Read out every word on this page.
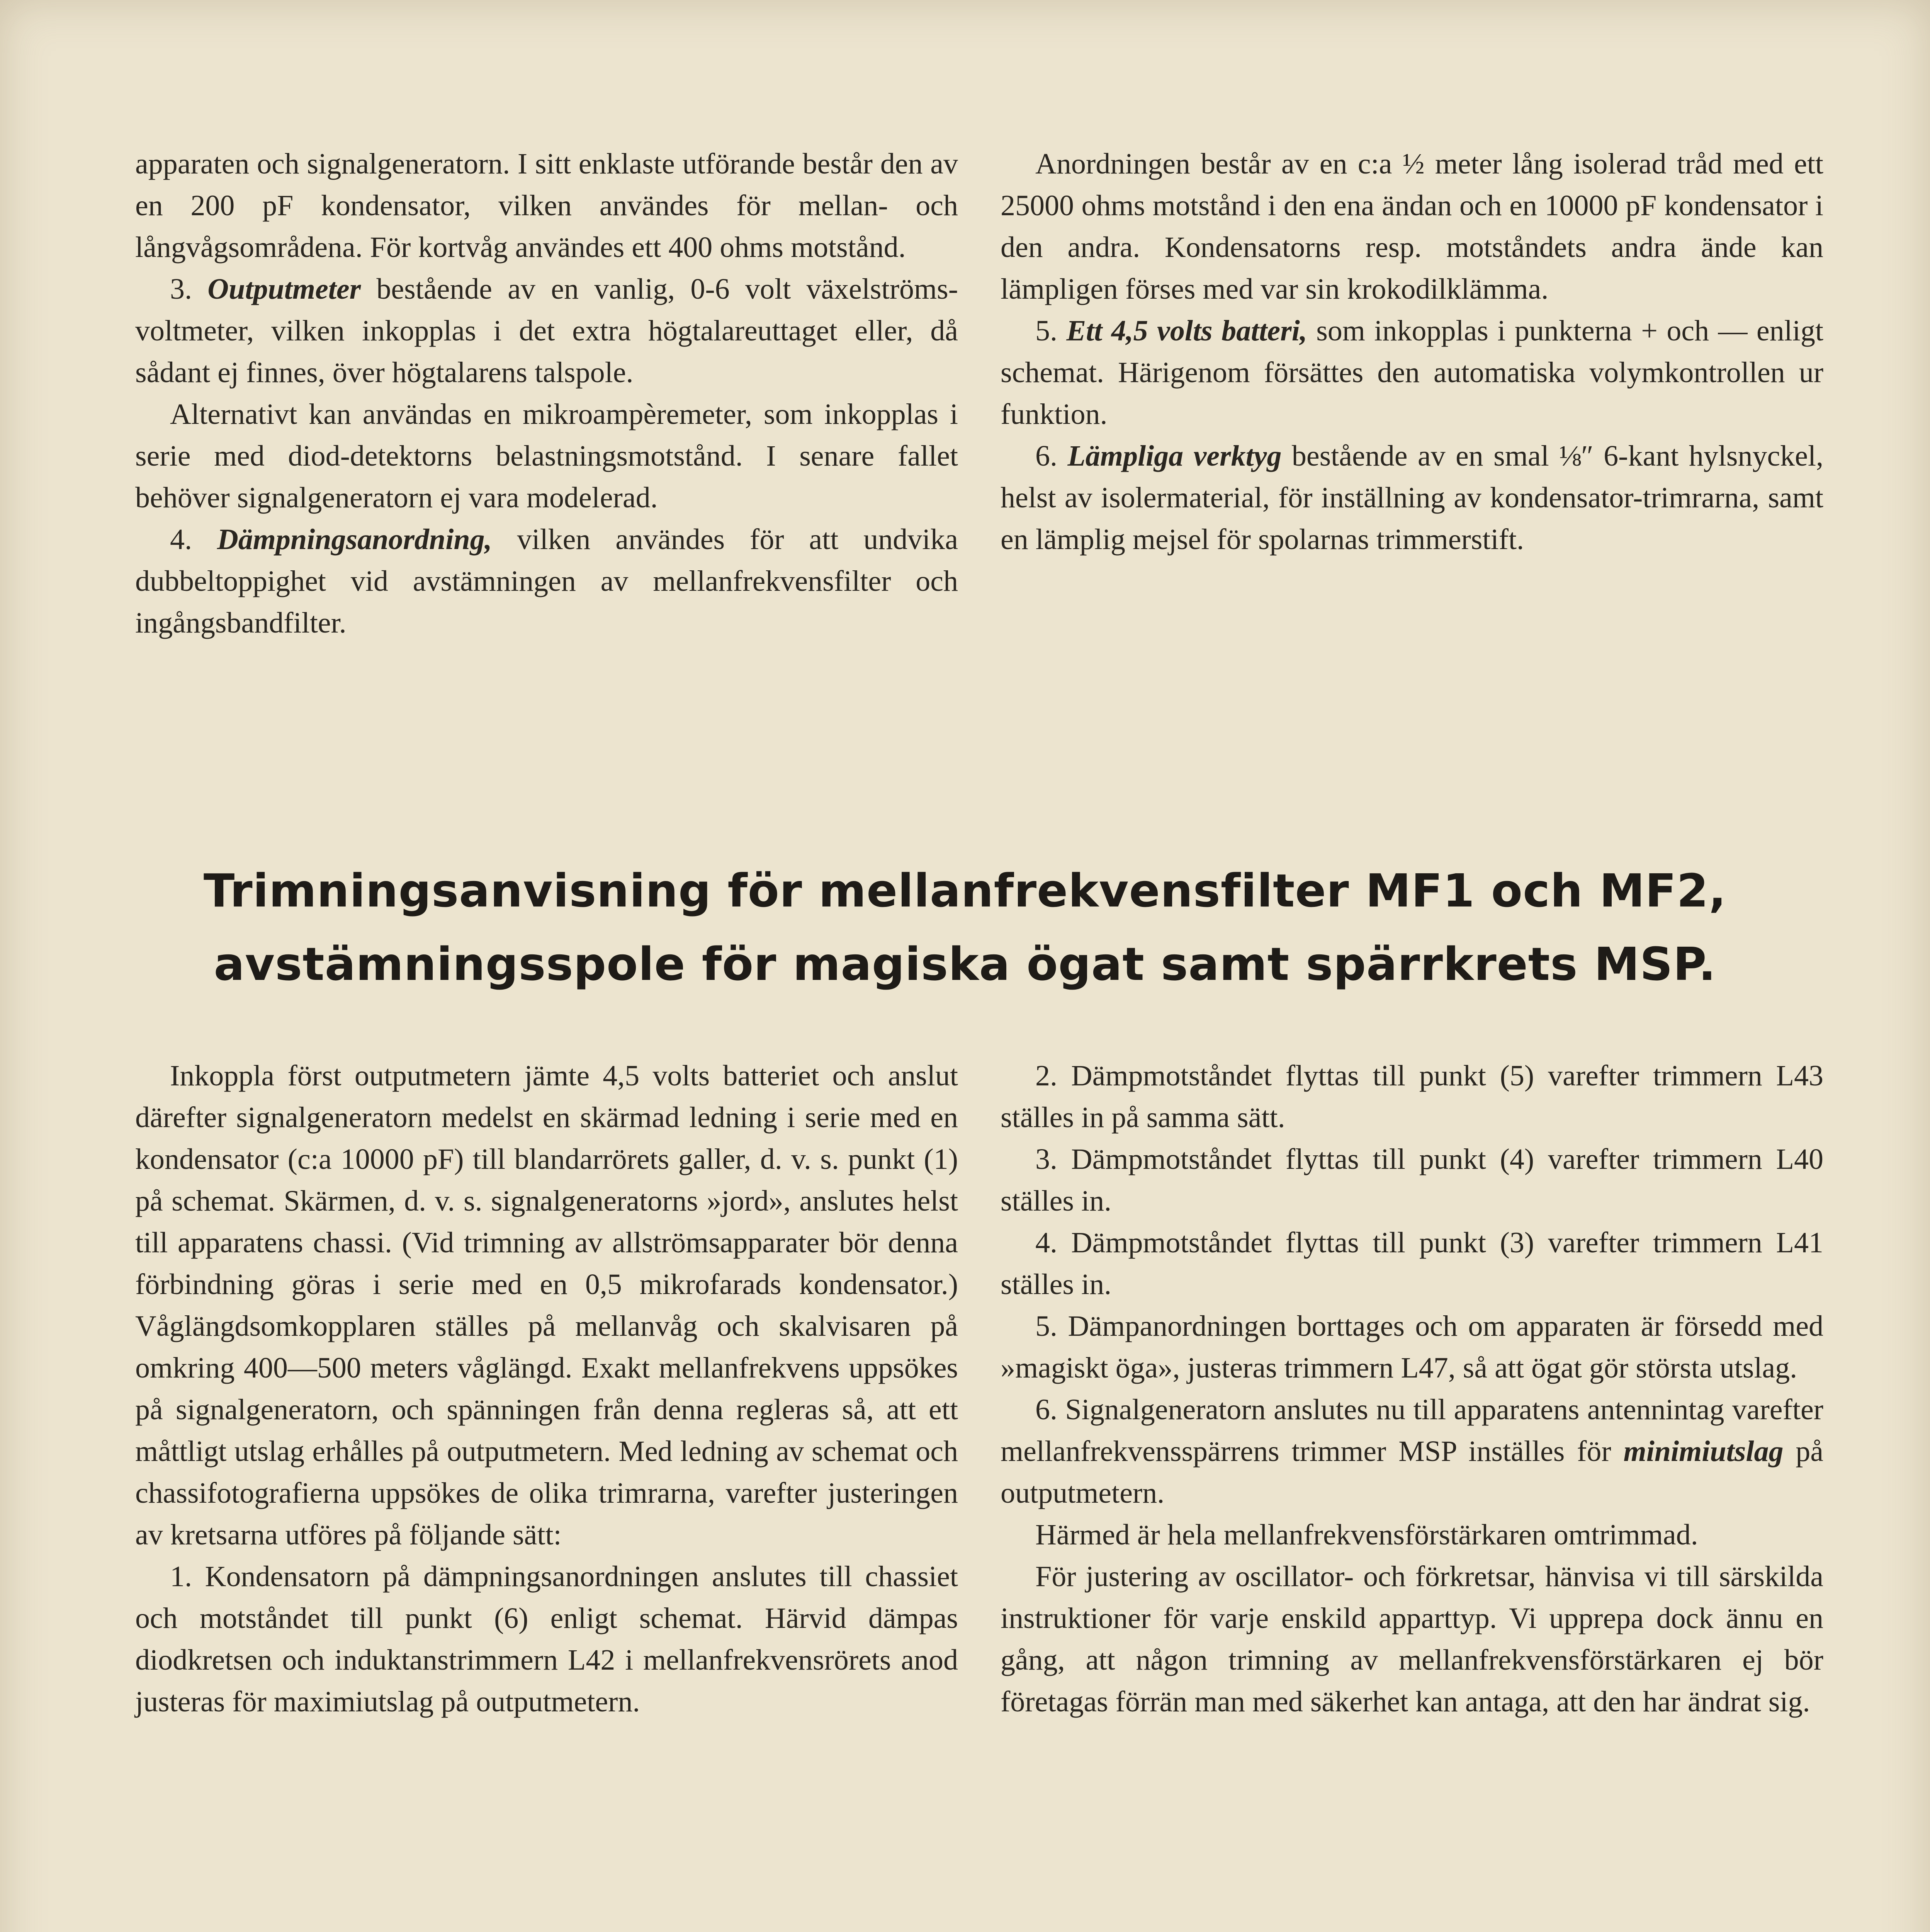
apparaten och signalgeneratorn. I sitt enklaste utförande består den av en 200 pF kondensator, vilken användes för mellan- och långvågsområdena. För kortvåg användes ett 400 ohms motstånd.

3. Outputmeter bestående av en vanlig, 0-6 volt växelströms-voltmeter, vilken inkopplas i det extra högtalareuttaget eller, då sådant ej finnes, över högtalarens talspole.

Alternativt kan användas en mikroampèremeter, som inkopplas i serie med diod-detektorns belastningsmotstånd. I senare fallet behöver signalgeneratorn ej vara modelerad.

4. Dämpningsanordning, vilken användes för att undvika dubbeltoppighet vid avstämningen av mellanfrekvensfilter och ingångsbandfilter.

Anordningen består av en c:a ½ meter lång isolerad tråd med ett 25000 ohms motstånd i den ena ändan och en 10000 pF kondensator i den andra. Kondensatorns resp. motståndets andra ände kan lämpligen förses med var sin krokodilklämma.

5. Ett 4,5 volts batteri, som inkopplas i punkterna + och — enligt schemat. Härigenom försättes den automatiska volymkontrollen ur funktion.

6. Lämpliga verktyg bestående av en smal ⅛″ 6-kant hylsnyckel, helst av isolermaterial, för inställning av kondensator-trimrarna, samt en lämplig mejsel för spolarnas trimmerstift.

Trimningsanvisning för mellanfrekvensfilter MF1 och MF2,
avstämningsspole för magiska ögat samt spärrkrets MSP.

Inkoppla först outputmetern jämte 4,5 volts batteriet och anslut därefter signalgeneratorn medelst en skärmad ledning i serie med en kondensator (c:a 10000 pF) till blandarrörets galler, d. v. s. punkt (1) på schemat. Skärmen, d. v. s. signalgeneratorns »jord», anslutes helst till apparatens chassi. (Vid trimning av allströmsapparater bör denna förbindning göras i serie med en 0,5 mikrofarads kondensator.) Våglängdsomkopplaren ställes på mellanvåg och skalvisaren på omkring 400—500 meters våglängd. Exakt mellanfrekvens uppsökes på signalgeneratorn, och spänningen från denna regleras så, att ett måttligt utslag erhålles på outputmetern. Med ledning av schemat och chassifotografierna uppsökes de olika trimrarna, varefter justeringen av kretsarna utföres på följande sätt:

1. Kondensatorn på dämpningsanordningen anslutes till chassiet och motståndet till punkt (6) enligt schemat. Härvid dämpas diodkretsen och induktanstrimmern L42 i mellanfrekvensrörets anod justeras för maximiutslag på outputmetern.

2. Dämpmotståndet flyttas till punkt (5) varefter trimmern L43 ställes in på samma sätt.

3. Dämpmotståndet flyttas till punkt (4) varefter trimmern L40 ställes in.

4. Dämpmotståndet flyttas till punkt (3) varefter trimmern L41 ställes in.

5. Dämpanordningen borttages och om apparaten är försedd med »magiskt öga», justeras trimmern L47, så att ögat gör största utslag.

6. Signalgeneratorn anslutes nu till apparatens antennintag varefter mellanfrekvensspärrens trimmer MSP inställes för minimiutslag på outputmetern.

Härmed är hela mellanfrekvensförstärkaren omtrimmad.

För justering av oscillator- och förkretsar, hänvisa vi till särskilda instruktioner för varje enskild apparttyp. Vi upprepa dock ännu en gång, att någon trimning av mellanfrekvensförstärkaren ej bör företagas förrän man med säkerhet kan antaga, att den har ändrat sig.
